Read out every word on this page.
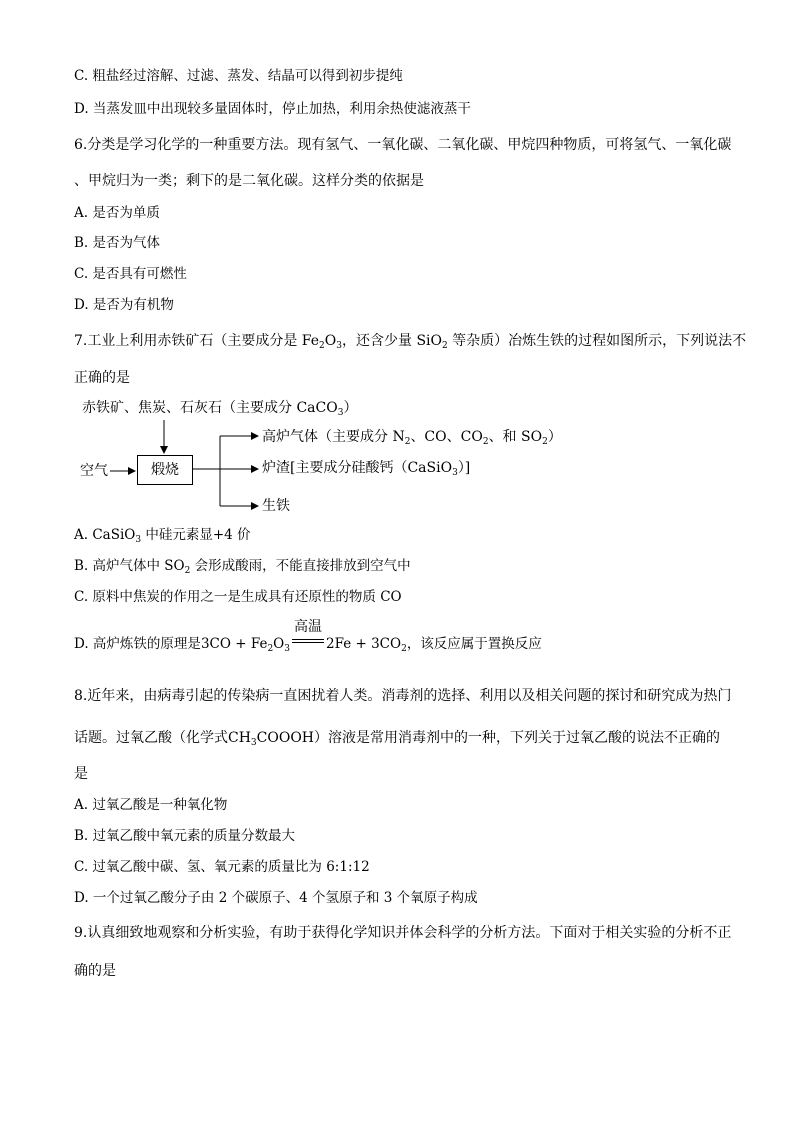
C. 粗盐经过溶解、过滤、蒸发、结晶可以得到初步提纯
D. 当蒸发皿中出现较多量固体时，停止加热，利用余热使滤液蒸干
6.分类是学习化学的一种重要方法。现有氢气、一氧化碳、二氧化碳、甲烷四种物质，可将氢气、一氧化碳
、甲烷归为一类；剩下的是二氧化碳。这样分类的依据是
A. 是否为单质
B. 是否为气体
C. 是否具有可燃性
D. 是否为有机物
7.工业上利用赤铁矿石（主要成分是 $Fe_2O_3$，还含少量 SiO$_2$ 等杂质）冶炼生铁的过程如图所示，下列说法不
正确的是
赤铁矿、焦炭、石灰石（主要成分 CaCO$_3$）
空气	煅烧
高炉气体（主要成分 $N_2$、CO、$CO_2$、和 $SO_2$）
炉渣[主要成分硅酸钙（CaSiO$_3$）]
生铁
A. CaSiO$_3$ 中硅元素显+4 价
B. 高炉气体中 $SO_2$ 会形成酸雨，不能直接排放到空气中
C. 原料中焦炭的作用之一是生成具有还原性的物质 CO
D. 高炉炼铁的原理是$3CO + Fe_2O_3$
高温
$2Fe + 3CO_2$，该反应属于置换反应
8.近年来，由病毒引起的传染病一直困扰着人类。消毒剂的选择、利用以及相关问题的探讨和研究成为热门
话题。过氧乙酸（化学式$CH_3COOOH$）溶液是常用消毒剂中的一种，下列关于过氧乙酸的说法不正确的
是
A. 过氧乙酸是一种氧化物
B. 过氧乙酸中氧元素的质量分数最大
C. 过氧乙酸中碳、氢、氧元素的质量比为 6:1:12
D. 一个过氧乙酸分子由 2 个碳原子、4 个氢原子和 3 个氧原子构成
9.认真细致地观察和分析实验，有助于获得化学知识并体会科学的分析方法。下面对于相关实验的分析不正
确的是
